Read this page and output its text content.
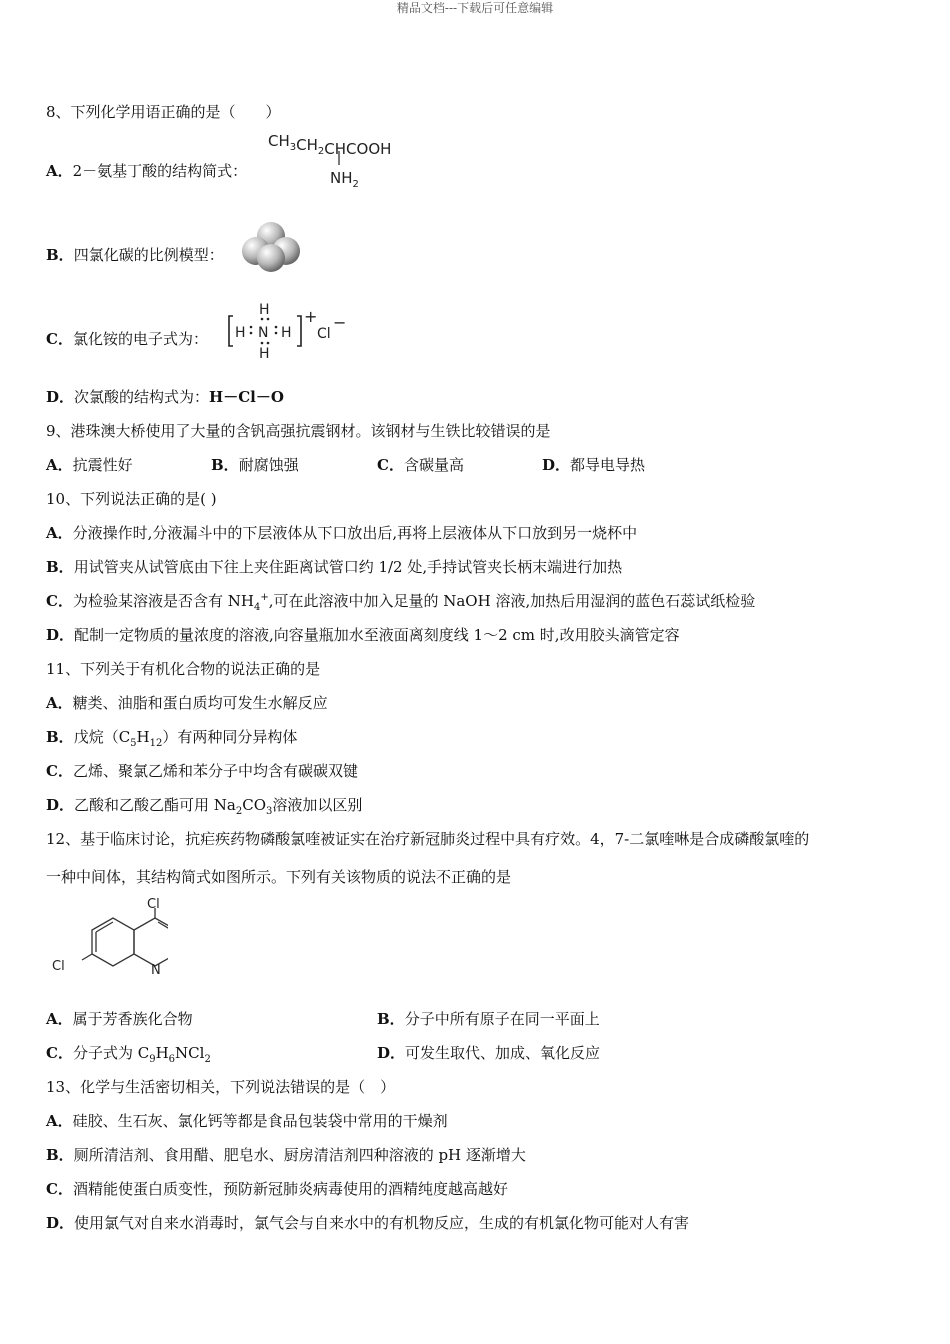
精品文档---下载后可任意编辑
8、下列化学用语正确的是（　　）
A．2－氨基丁酸的结构简式：
$CH_3CH_2CHCOOH$
$NH_2$
B．四氯化碳的比例模型：
C．氯化铵的电子式为： H N H
H
H
+
Cl
−
D．次氯酸的结构式为：H－Cl－O
9、港珠澳大桥使用了大量的含钒高强抗震钢材。该钢材与生铁比较错误的是
A．抗震性好	B．耐腐蚀强	C．含碳量高	D．都导电导热
10、下列说法正确的是( )
A．分液操作时,分液漏斗中的下层液体从下口放出后,再将上层液体从下口放到另一烧杯中
B．用试管夹从试管底由下往上夹住距离试管口约 1/2 处,手持试管夹长柄末端进行加热
C．为检验某溶液是否含有 $NH_4^+$,可在此溶液中加入足量的 NaOH 溶液,加热后用湿润的蓝色石蕊试纸检验
D．配制一定物质的量浓度的溶液,向容量瓶加水至液面离刻度线 1～2 cm 时,改用胶头滴管定容
11、下列关于有机化合物的说法正确的是
A．糖类、油脂和蛋白质均可发生水解反应
B．戊烷$(C_5H_{12})$有两种同分异构体
C．乙烯、聚氯乙烯和苯分子中均含有碳碳双键
D．乙酸和乙酸乙酯可用 $Na_2CO_3$溶液加以区别
12、基于临床讨论，抗疟疾药物磷酸氯喹被证实在治疗新冠肺炎过程中具有疗效。4，7-二氯喹啉是合成磷酸氯喹的
一种中间体，其结构简式如图所示。下列有关该物质的说法不正确的是
Cl
Cl	N
A．属于芳香族化合物	B．分子中所有原子在同一平面上
C．分子式为 $C_9H_6NCl_2$	D．可发生取代、加成、氧化反应
13、化学与生活密切相关，下列说法错误的是（　）
A．硅胶、生石灰、氯化钙等都是食品包装袋中常用的干燥剂
B．厕所清洁剂、食用醋、肥皂水、厨房清洁剂四种溶液的 pH 逐渐增大
C．酒精能使蛋白质变性，预防新冠肺炎病毒使用的酒精纯度越高越好
D．使用氯气对自来水消毒时，氯气会与自来水中的有机物反应，生成的有机氯化物可能对人有害
